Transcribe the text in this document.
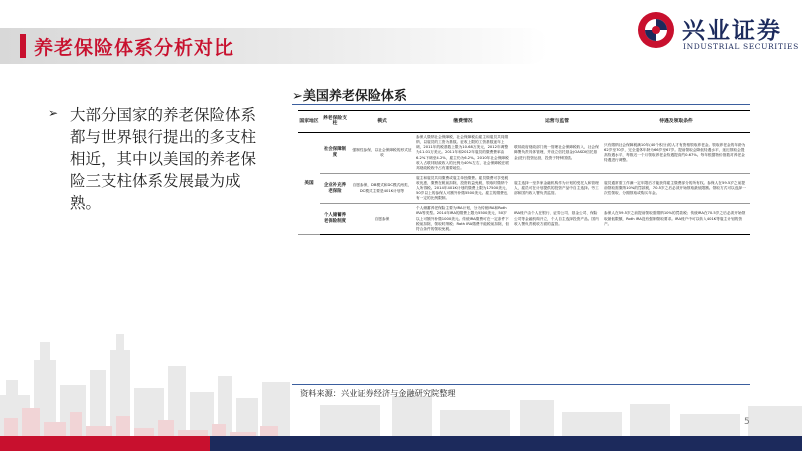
养老保险体系分析对比
兴业证券
INDUSTRIAL SECURITIES
➢ 大部分国家的养老保险体系都与世界银行提出的多支柱相近，其中以美国的养老保险三支柱体系发展最为成熟。
➢美国养老保险体系
国家地区	养老保险支柱	模式	缴费情况	运营与监管	待遇及领取条件
美国	社会保障制度	强制性参保，以社会保障税的形式征收	参保人缴纳社会保障税，社会保障税由雇主和雇员共同缴纳，以雇员的工资为基数。征收上限的工资基数逐年上调，2011年的税基数上限为10.68万美元，2012年调整为11.01万美元。2011年和2012年雇员的缴费费率由6.2%下调至4.2%，雇主仍为6.2%。2010年社会保障税收入占联邦财政收入的比例为40%左右，社会保障税在联邦财政税收中占有重要地位。	联邦政府财政部门统一管理社会保障税收入，社会保障署负责具体管理，并设立信托基金(OASDI信托基金)进行投资运营，投资于特种国债。	只有缴纳社会保障税满10年(40个积分)的人才有资格领取养老金。领取养老金的年龄为62岁至70岁，完全退休年龄为66岁至67岁。提前领取会降低待遇水平，延迟领取会提高待遇水平，每推迟一个月领取养老金待遇提高约0.67%。每年根据物价指数对养老金待遇进行调整。
	企业补充养老保险	自愿参保，DB模式和DC模式两类，DC模式主要是401K计划等	雇主和雇员共同缴费或雇主单独缴费。雇员缴费可享受税收优惠，缴费在税前扣除，投资收益免税，领取时缴纳个人所得税。2014年401K计划的缴费上限为17500美元，50岁以上的参保人可额外补缴5500美元。雇主的缴费也有一定的比例限制。	雇主选择一至多家金融机构作为计划的受托人和管理人，雇员可在计划提供的投资产品中自主选择。劳工部和国内收入署负责监管。	雇员通常需工作满一定年限后才能获得雇主缴费部分的所有权。参保人在59.5岁之前提前领取需缴纳10%的罚款税，70.5岁之后必须开始领取最低限额。领取方式可以选择一次性领取、分期领取或购买年金。
	个人储蓄养老保险制度	自愿参保	个人储蓄养老保险主要为IRA计划，分为传统IRA和Roth IRA等类型。2014年IRA的缴费上限为5500美元，50岁以上可额外补缴1000美元。传统IRA缴费可在一定条件下税前扣除，领取时纳税；Roth IRA缴费不能税前扣除，但符合条件的领取免税。	IRA账户由个人在银行、证券公司、基金公司、保险公司等金融机构开立，个人自主选择投资产品。国内收入署负责税收方面的监管。	参保人在59.5岁之前提前领取需缴纳10%的罚款税；传统IRA在70.5岁之后必须开始领取最低限额，Roth IRA没有强制领取要求。IRA账户中可以转入401K等雇主计划的资产。
资料来源：兴业证券经济与金融研究院整理
5
